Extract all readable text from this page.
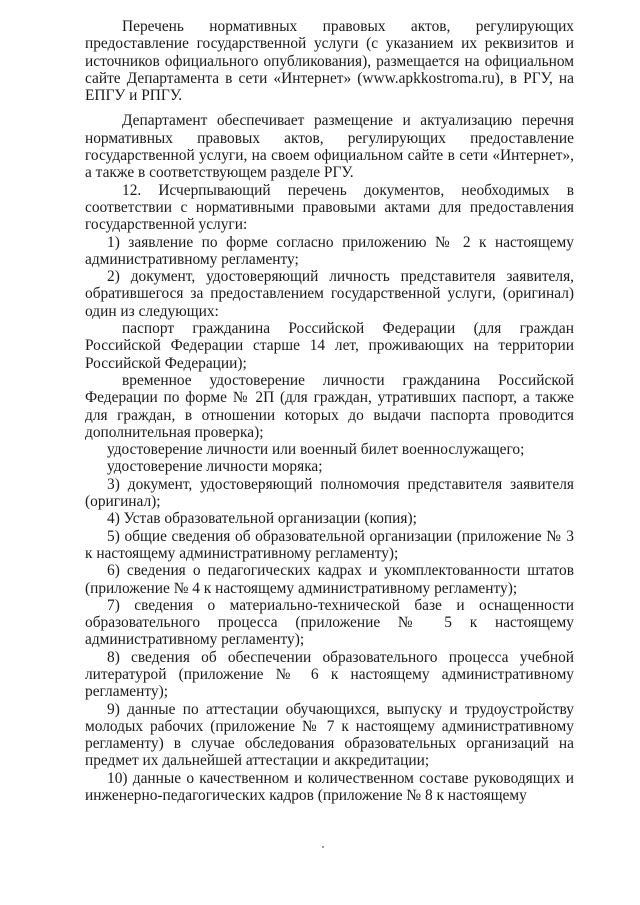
Перечень нормативных правовых актов, регулирующих предоставление государственной услуги (с указанием их реквизитов и источников официального опубликования), размещается на официальном сайте Департамента в сети «Интернет» (www.apkkostroma.ru), в РГУ, на ЕПГУ и РПГУ.

Департамент обеспечивает размещение и актуализацию перечня нормативных правовых актов, регулирующих предоставление государственной услуги, на своем официальном сайте в сети «Интернет», а также в соответствующем разделе РГУ.

12. Исчерпывающий перечень документов, необходимых в соответствии с нормативными правовыми актами для предоставления государственной услуги:

1) заявление по форме согласно приложению № 2 к настоящему административному регламенту;

2) документ, удостоверяющий личность представителя заявителя, обратившегося за предоставлением государственной услуги, (оригинал) один из следующих:

паспорт гражданина Российской Федерации (для граждан Российской Федерации старше 14 лет, проживающих на территории Российской Федерации);

временное удостоверение личности гражданина Российской Федерации по форме № 2П (для граждан, утративших паспорт, а также для граждан, в отношении которых до выдачи паспорта проводится дополнительная проверка);

удостоверение личности или военный билет военнослужащего;

удостоверение личности моряка;

3) документ, удостоверяющий полномочия представителя заявителя (оригинал);

4) Устав образовательной организации (копия);

5) общие сведения об образовательной организации (приложение № 3 к настоящему административному регламенту);

6) сведения о педагогических кадрах и укомплектованности штатов (приложение № 4 к настоящему административному регламенту);

7) сведения о материально-технической базе и оснащенности образовательного процесса (приложение № 5 к настоящему административному регламенту);

8) сведения об обеспечении образовательного процесса учебной литературой (приложение № 6 к настоящему административному регламенту);

9) данные по аттестации обучающихся, выпуску и трудоустройству молодых рабочих (приложение № 7 к настоящему административному регламенту) в случае обследования образовательных организаций на предмет их дальнейшей аттестации и аккредитации;

10) данные о качественном и количественном составе руководящих и инженерно-педагогических кадров (приложение № 8 к настоящему
